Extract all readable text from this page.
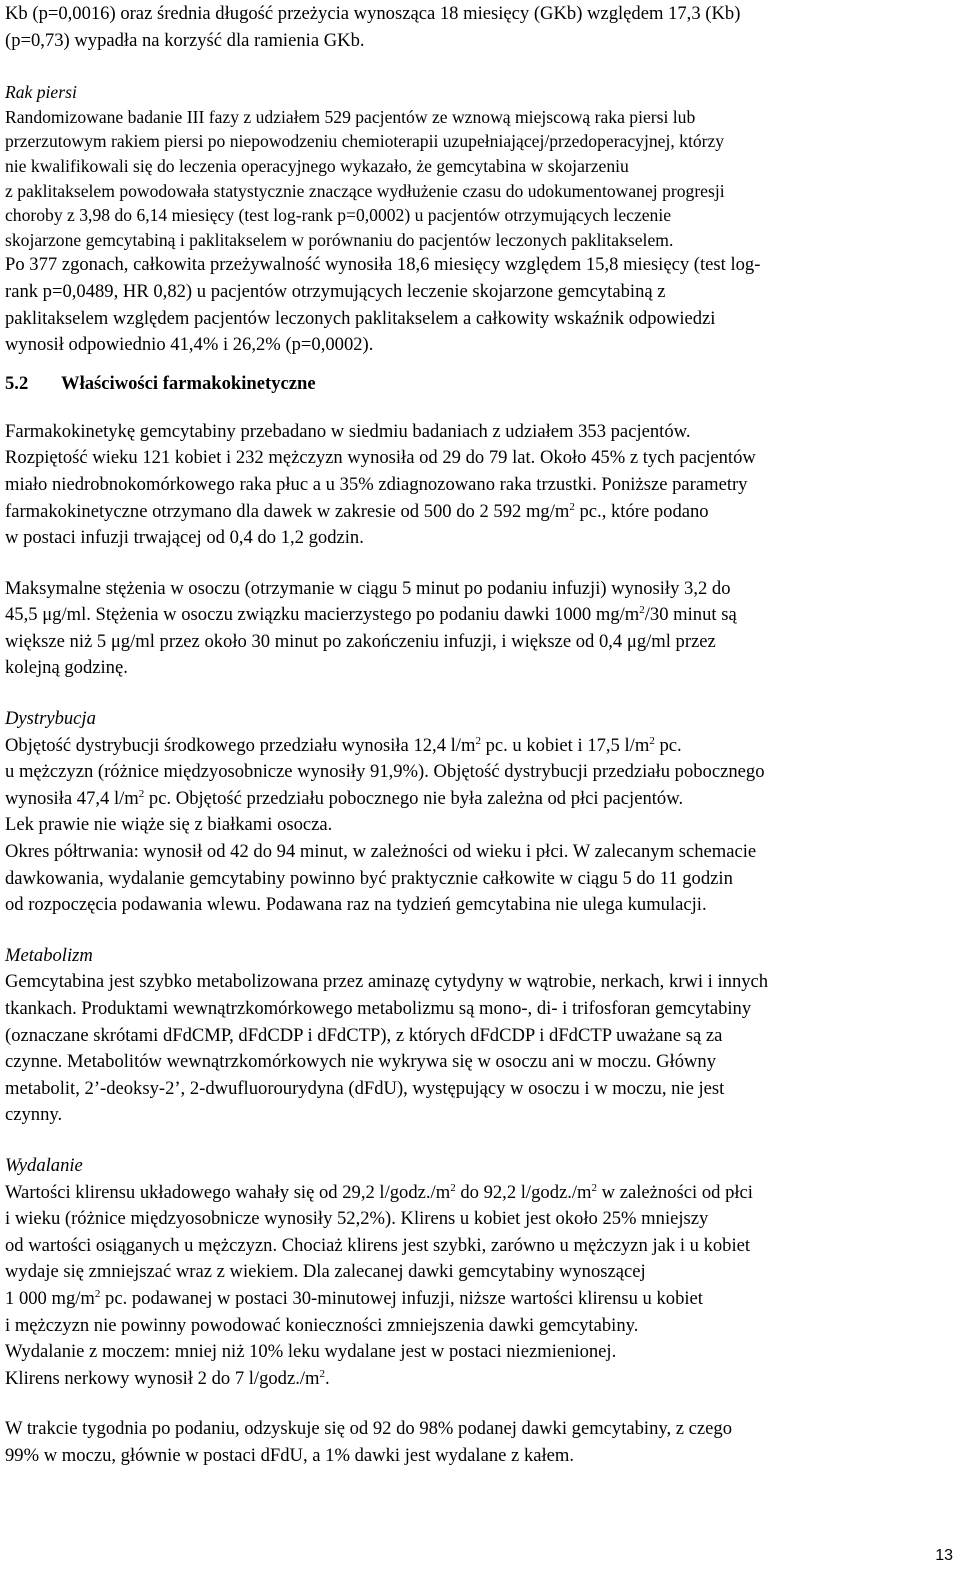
Kb (p=0,0016) oraz średnia długość przeżycia wynosząca 18 miesięcy (GKb) względem 17,3 (Kb)

(p=0,73) wypadła na korzyść dla ramienia GKb.

Rak piersi

Randomizowane badanie III fazy z udziałem 529 pacjentów ze wznową miejscową raka piersi lub

przerzutowym rakiem piersi po niepowodzeniu chemioterapii uzupełniającej/przedoperacyjnej, którzy

nie kwalifikowali się do leczenia operacyjnego wykazało, że gemcytabina w skojarzeniu

z paklitakselem powodowała statystycznie znaczące wydłużenie czasu do udokumentowanej progresji

choroby z 3,98 do 6,14 miesięcy (test log-rank p=0,0002) u pacjentów otrzymujących leczenie

skojarzone gemcytabiną i paklitakselem w porównaniu do pacjentów leczonych paklitakselem.

Po 377 zgonach, całkowita przeżywalność wynosiła 18,6 miesięcy względem 15,8 miesięcy (test log-

rank p=0,0489, HR 0,82) u pacjentów otrzymujących leczenie skojarzone gemcytabiną z

paklitakselem względem pacjentów leczonych paklitakselem a całkowity wskaźnik odpowiedzi

wynosił odpowiednio 41,4% i 26,2% (p=0,0002).

5.2 Właściwości farmakokinetyczne

Farmakokinetykę gemcytabiny przebadano w siedmiu badaniach z udziałem 353 pacjentów.

Rozpiętość wieku 121 kobiet i 232 mężczyzn wynosiła od 29 do 79 lat. Około 45% z tych pacjentów

miało niedrobnokomórkowego raka płuc a u 35% zdiagnozowano raka trzustki. Poniższe parametry

farmakokinetyczne otrzymano dla dawek w zakresie od 500 do 2 592 $mg/m^2$ pc., które podano

w postaci infuzji trwającej od 0,4 do 1,2 godzin.

Maksymalne stężenia w osoczu (otrzymanie w ciągu 5 minut po podaniu infuzji) wynosiły 3,2 do

45,5 μg/ml. Stężenia w osoczu związku macierzystego po podaniu dawki 1000 $mg/m^2/30$ minut są

większe niż 5 μg/ml przez około 30 minut po zakończeniu infuzji, i większe od 0,4 μg/ml przez

kolejną godzinę.

Dystrybucja

Objętość dystrybucji środkowego przedziału wynosiła 12,4 $l/m^2$ pc. u kobiet i 17,5 $l/m^2$ pc.

u mężczyzn (różnice międzyosobnicze wynosiły 91,9%). Objętość dystrybucji przedziału pobocznego

wynosiła 47,4 $l/m^2$ pc. Objętość przedziału pobocznego nie była zależna od płci pacjentów.

Lek prawie nie wiąże się z białkami osocza.

Okres półtrwania: wynosił od 42 do 94 minut, w zależności od wieku i płci. W zalecanym schemacie

dawkowania, wydalanie gemcytabiny powinno być praktycznie całkowite w ciągu 5 do 11 godzin

od rozpoczęcia podawania wlewu. Podawana raz na tydzień gemcytabina nie ulega kumulacji.

Metabolizm

Gemcytabina jest szybko metabolizowana przez aminazę cytydyny w wątrobie, nerkach, krwi i innych

tkankach. Produktami wewnątrzkomórkowego metabolizmu są mono-, di- i trifosforan gemcytabiny

(oznaczane skrótami dFdCMP, dFdCDP i dFdCTP), z których dFdCDP i dFdCTP uważane są za

czynne. Metabolitów wewnątrzkomórkowych nie wykrywa się w osoczu ani w moczu. Główny

metabolit, 2’-deoksy-2’, 2-dwufluorourydyna (dFdU), występujący w osoczu i w moczu, nie jest

czynny.

Wydalanie

Wartości klirensu układowego wahały się od 29,2 $l/godz./m^2$ do 92,2 $l/godz./m^2$ w zależności od płci

i wieku (różnice międzyosobnicze wynosiły 52,2%). Klirens u kobiet jest około 25% mniejszy

od wartości osiąganych u mężczyzn. Chociaż klirens jest szybki, zarówno u mężczyzn jak i u kobiet

wydaje się zmniejszać wraz z wiekiem. Dla zalecanej dawki gemcytabiny wynoszącej

1 000 $mg/m^2$ pc. podawanej w postaci 30-minutowej infuzji, niższe wartości klirensu u kobiet

i mężczyzn nie powinny powodować konieczności zmniejszenia dawki gemcytabiny.

Wydalanie z moczem: mniej niż 10% leku wydalane jest w postaci niezmienionej.

Klirens nerkowy wynosił 2 do 7 $l/godz./m^2$.

W trakcie tygodnia po podaniu, odzyskuje się od 92 do 98% podanej dawki gemcytabiny, z czego

99% w moczu, głównie w postaci dFdU, a 1% dawki jest wydalane z kałem.

13
